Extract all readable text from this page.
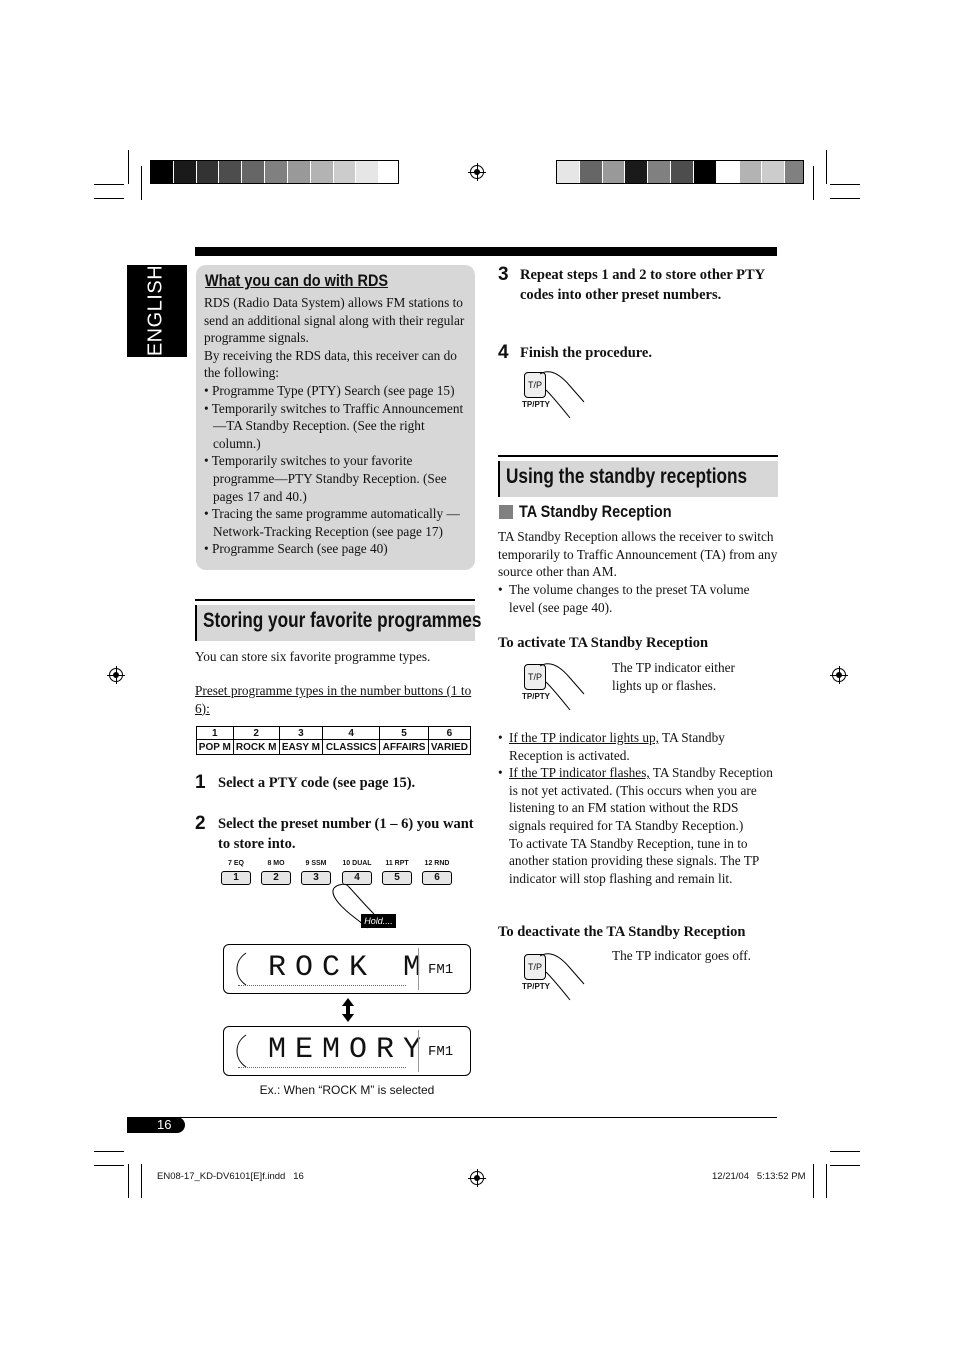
ENGLISH What you can do with RDS

RDS (Radio Data System) allows FM stations to send an additional signal along with their regular programme signals.

By receiving the RDS data, this receiver can do the following:

• Programme Type (PTY) Search (see page 15)
• Temporarily switches to Traffic Announcement—TA Standby Reception. (See the right column.)
• Temporarily switches to your favorite programme—PTY Standby Reception. (See pages 17 and 40.)
• Tracing the same programme automatically —Network-Tracking Reception (see page 17)
• Programme Search (see page 40)
Storing your favorite programmes
You can store six favorite programme types.
Preset programme types in the number buttons (1 to 6):
1	2	3	4	5	6
POP M	ROCK M	EASY M	CLASSICS	AFFAIRS	VARIED
1 Select a PTY code (see page 15).
2 Select the preset number (1 – 6) you want to store into.
7 EQ	8 MO	9 SSM	10 DUAL	11 RPT	12 RND
1	2	3	4	5	6
Hold....
ROCK M
FM1
MEMORY
FM1
Ex.: When “ROCK M” is selected
3 Repeat steps 1 and 2 to store other PTY codes into other preset numbers.
4 Finish the procedure.
T/P
TP/PTY
Using the standby receptions
TA Standby Reception
TA Standby Reception allows the receiver to switch temporarily to Traffic Announcement (TA) from any source other than AM.
• The volume changes to the preset TA volume level (see page 40).
To activate TA Standby Reception
T/P
TP/PTY
The TP indicator either lights up or flashes.
• If the TP indicator lights up, TA Standby Reception is activated.
• If the TP indicator flashes, TA Standby Reception is not yet activated. (This occurs when you are listening to an FM station without the RDS signals required for TA Standby Reception.)
To activate TA Standby Reception, tune in to another station providing these signals. The TP indicator will stop flashing and remain lit.
To deactivate the TA Standby Reception
T/P
TP/PTY
The TP indicator goes off.
16
EN08-17_KD-DV6101[E]f.indd   16	12/21/04   5:13:52 PM
